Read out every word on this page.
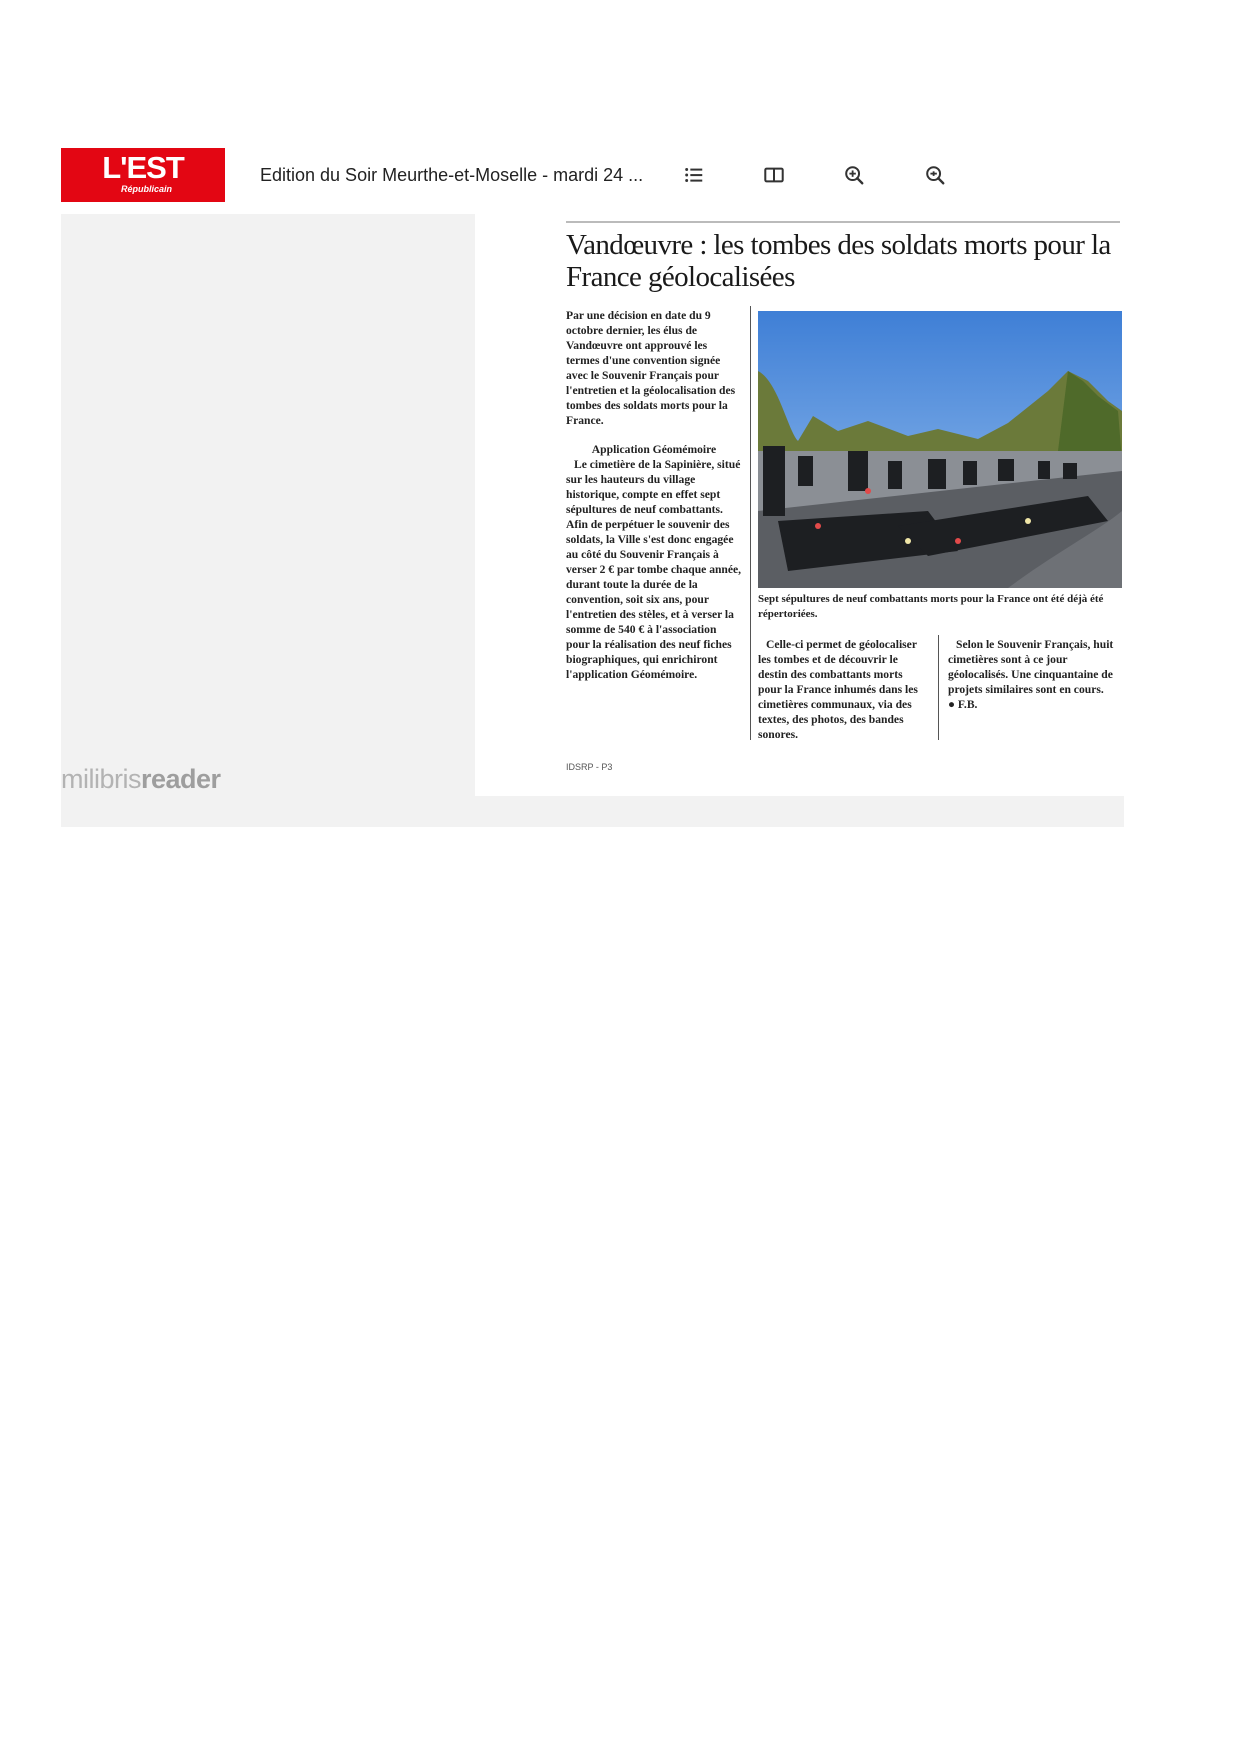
L'EST
Républicain
Edition du Soir Meurthe-et-Moselle - mardi 24 ...
milibrisreader
Vandœuvre : les tombes des soldats morts pour la France géolocalisées

Par une décision en date du 9 octobre dernier, les élus de Vandœuvre ont approuvé les termes d'une convention signée avec le Souvenir Français pour l'entretien et la géolocalisation des tombes des soldats morts pour la France.

Application Géomémoire

Le cimetière de la Sapinière, situé sur les hauteurs du village historique, compte en effet sept sépultures de neuf combattants. Afin de perpétuer le souvenir des soldats, la Ville s'est donc engagée au côté du Souvenir Français à verser 2 € par tombe chaque année, durant toute la durée de la convention, soit six ans, pour l'entretien des stèles, et à verser la somme de 540 € à l'association pour la réalisation des neuf fiches biographiques, qui enrichiront l'application Géomémoire.

Sept sépultures de neuf combattants morts pour la France ont été déjà été répertoriées.

Celle-ci permet de géolocaliser les tombes et de découvrir le destin des combattants morts pour la France inhumés dans les cimetières communaux, via des textes, des photos, des bandes sonores.

Selon le Souvenir Français, huit cimetières sont à ce jour géolocalisés. Une cinquantaine de projets similaires sont en cours.

● F.B.

IDSRP - P3
